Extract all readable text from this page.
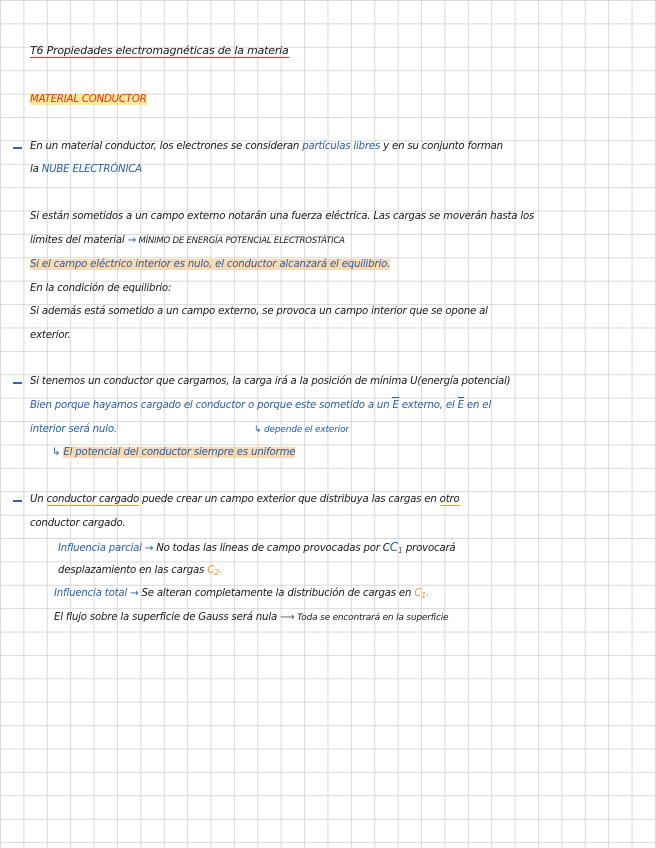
T6 Propiedades electromagnéticas de la materia
MATERIAL CONDUCTOR
En un material conductor, los electrones se consideran partículas libres y en su conjunto forman
la NUBE ELECTRÓNICA
Si están sometidos a un campo externo notarán una fuerza eléctrica. Las cargas se moverán hasta los
límites del material → MÍNIMO DE ENERGÍA POTENCIAL ELECTROSTÁTICA
Si el campo eléctrico interior es nulo, el conductor alcanzará el equilibrio.
En la condición de equilibrio:
Si además está sometido a un campo externo, se provoca un campo interior que se opone al
exterior.
Si tenemos un conductor que cargamos, la carga irá a la posición de mínima U(energía potencial)
Bien porque hayamos cargado el conductor o porque este sometido a un E externo, el E en el
interior será nulo.	↳ depende el exterior
↳ El potencial del conductor siempre es uniforme
Un conductor cargado puede crear un campo exterior que distribuya las cargas en otro
conductor cargado.
Influencia parcial → No todas las líneas de campo provocadas por $CC_1$ provocará
desplazamiento en las cargas $C_2$.
Influencia total → Se alteran completamente la distribución de cargas en $C_1$.
El flujo sobre la superficie de Gauss será nula ⟶ Toda se encontrará en la superficie
